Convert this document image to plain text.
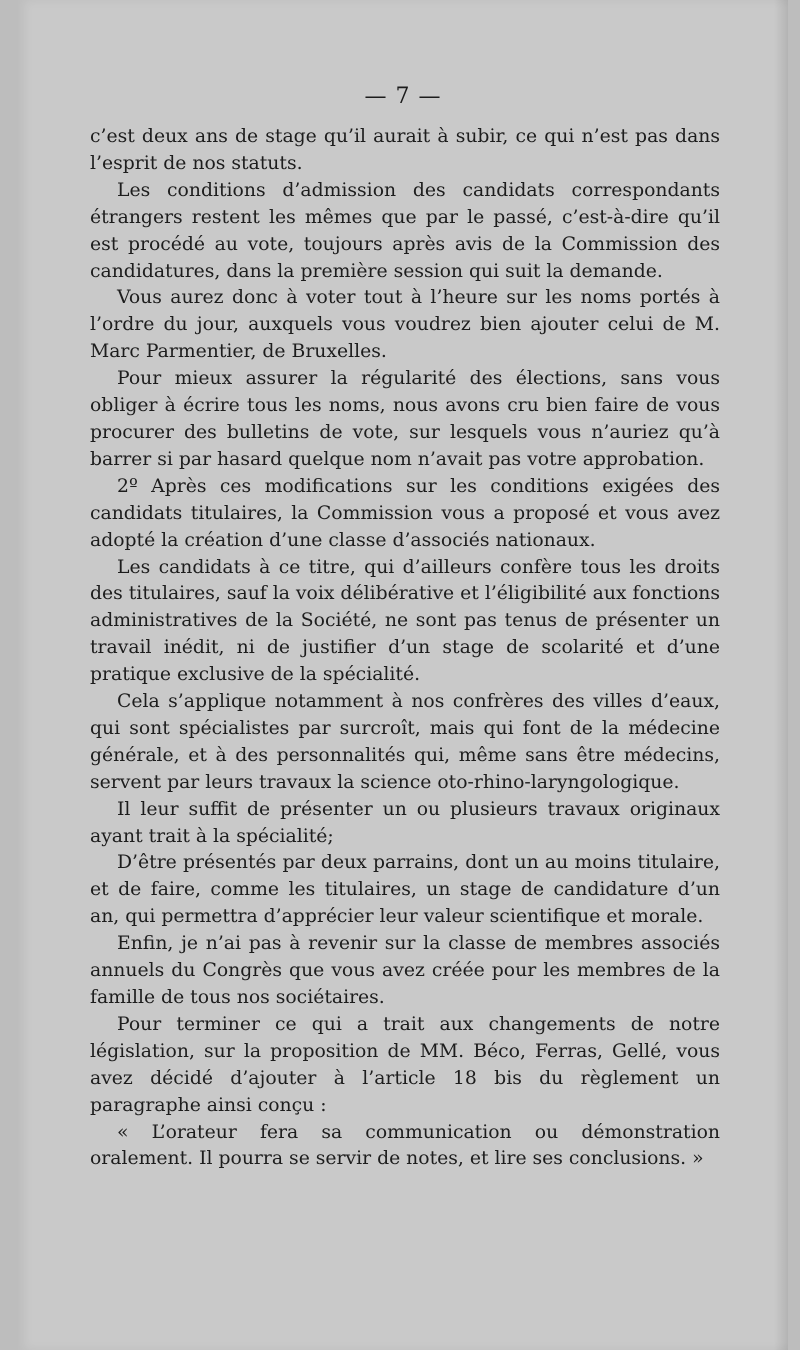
— 7 —

c’est deux ans de stage qu’il aurait à subir, ce qui n’est pas dans l’esprit de nos statuts.

Les conditions d’admission des candidats correspondants étrangers restent les mêmes que par le passé, c’est-à-dire qu’il est procédé au vote, toujours après avis de la Commission des candidatures, dans la première session qui suit la demande.

Vous aurez donc à voter tout à l’heure sur les noms portés à l’ordre du jour, auxquels vous voudrez bien ajouter celui de M. Marc Parmentier, de Bruxelles.

Pour mieux assurer la régularité des élections, sans vous obliger à écrire tous les noms, nous avons cru bien faire de vous procurer des bulletins de vote, sur lesquels vous n’auriez qu’à barrer si par hasard quelque nom n’avait pas votre approbation.

2º Après ces modifications sur les conditions exigées des candidats titulaires, la Commission vous a proposé et vous avez adopté la création d’une classe d’associés nationaux.

Les candidats à ce titre, qui d’ailleurs confère tous les droits des titulaires, sauf la voix délibérative et l’éligibilité aux fonctions administratives de la Société, ne sont pas tenus de présenter un travail inédit, ni de justifier d’un stage de scolarité et d’une pratique exclusive de la spécialité.

Cela s’applique notamment à nos confrères des villes d’eaux, qui sont spécialistes par surcroît, mais qui font de la médecine générale, et à des personnalités qui, même sans être médecins, servent par leurs travaux la science oto-rhino-laryngologique.

Il leur suffit de présenter un ou plusieurs travaux originaux ayant trait à la spécialité;

D’être présentés par deux parrains, dont un au moins titulaire, et de faire, comme les titulaires, un stage de candidature d’un an, qui permettra d’apprécier leur valeur scientifique et morale.

Enfin, je n’ai pas à revenir sur la classe de membres associés annuels du Congrès que vous avez créée pour les membres de la famille de tous nos sociétaires.

Pour terminer ce qui a trait aux changements de notre législation, sur la proposition de MM. Béco, Ferras, Gellé, vous avez décidé d’ajouter à l’article 18 bis du règlement un paragraphe ainsi conçu :

« L’orateur fera sa communication ou démonstration oralement. Il pourra se servir de notes, et lire ses conclusions. »
